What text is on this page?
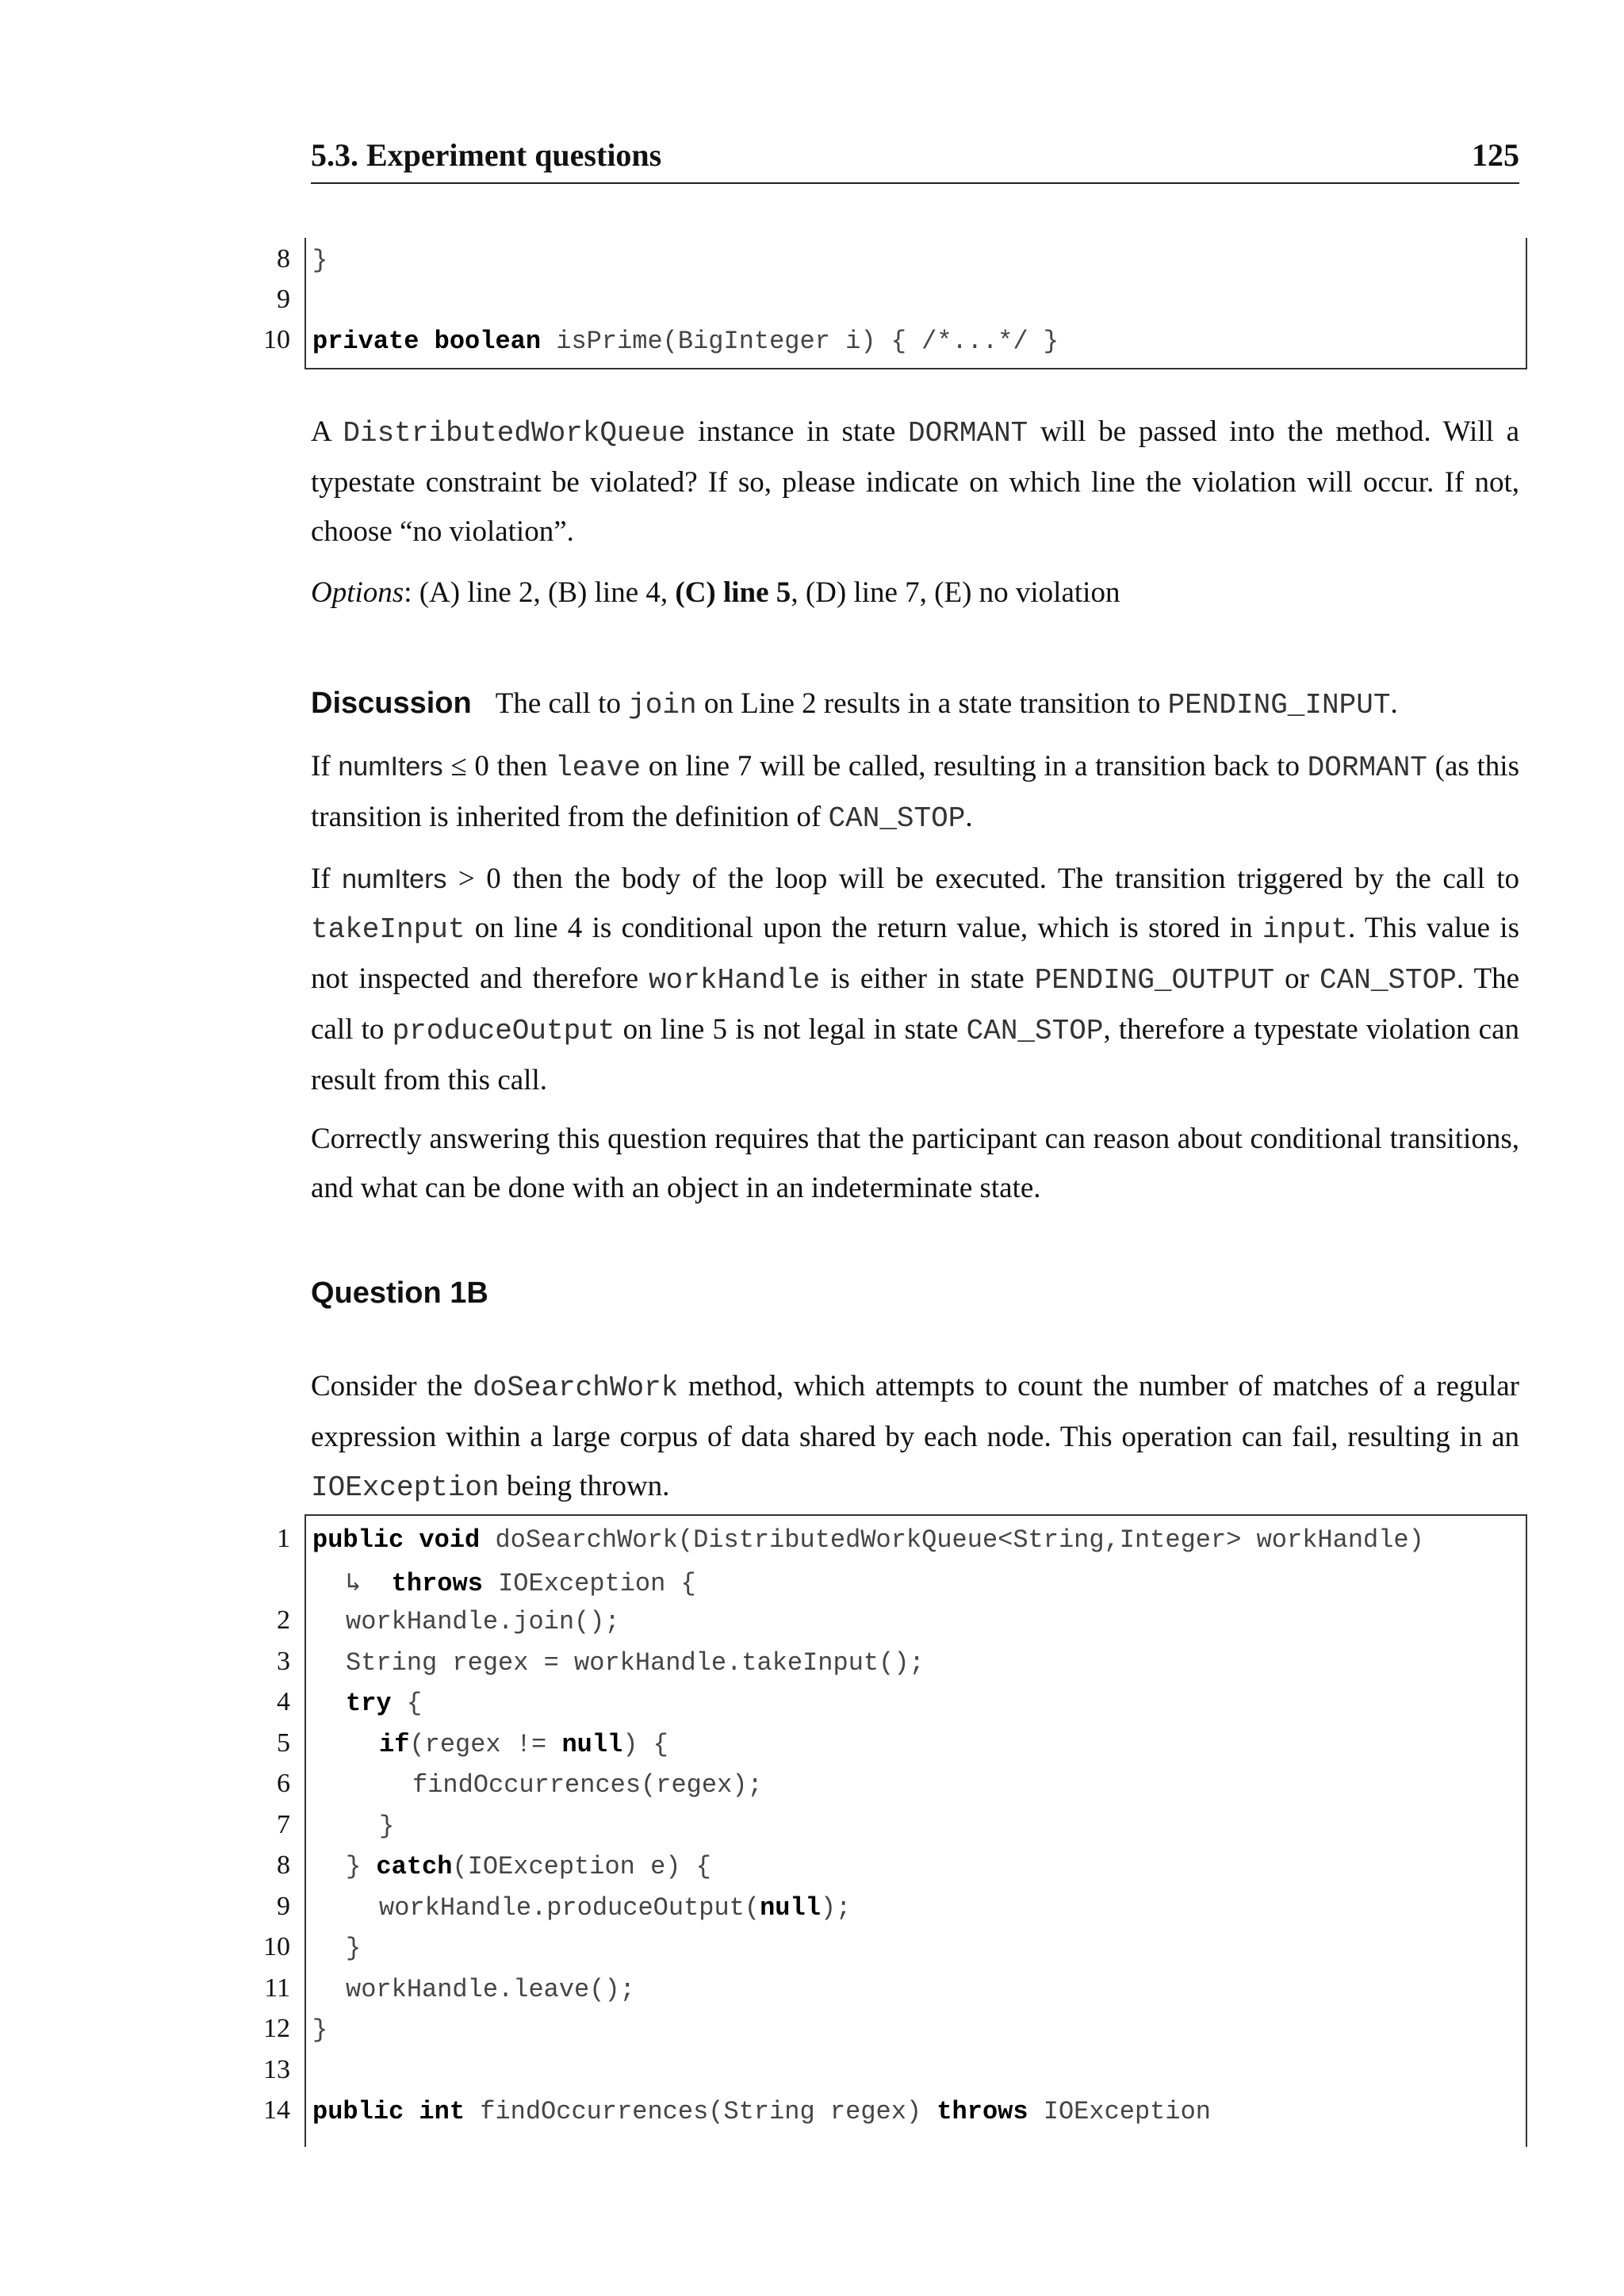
5.3. Experiment questions	125
8 }
9
10 private boolean isPrime(BigInteger i) { /*...*/ }
A DistributedWorkQueue instance in state DORMANT will be passed into the method. Will a typestate constraint be violated? If so, please indicate on which line the violation will occur. If not, choose “no violation”.
Options: (A) line 2, (B) line 4, (C) line 5, (D) line 7, (E) no violation
Discussion The call to join on Line 2 results in a state transition to PENDING_INPUT.
If numIters ≤ 0 then leave on line 7 will be called, resulting in a transition back to DORMANT (as this transition is inherited from the definition of CAN_STOP.
If numIters > 0 then the body of the loop will be executed. The transition triggered by the call to takeInput on line 4 is conditional upon the return value, which is stored in input. This value is not inspected and therefore workHandle is either in state PENDING_OUTPUT or CAN_STOP. The call to produceOutput on line 5 is not legal in state CAN_STOP, therefore a typestate violation can result from this call.
Correctly answering this question requires that the participant can reason about conditional transitions, and what can be done with an object in an indeterminate state.
Question 1B
Consider the doSearchWork method, which attempts to count the number of matches of a regular expression within a large corpus of data shared by each node. This operation can fail, resulting in an IOException being thrown.
1 public void doSearchWork(DistributedWorkQueue<String,Integer> workHandle)
↳  throws IOException {
2 workHandle.join();
3 String regex = workHandle.takeInput();
4 try {
5	if(regex != null) {
6	findOccurrences(regex);
7	}
8 } catch(IOException e) {
9	workHandle.produceOutput(null);
10 }
11 workHandle.leave();
12 }
13
14 public int findOccurrences(String regex) throws IOException
